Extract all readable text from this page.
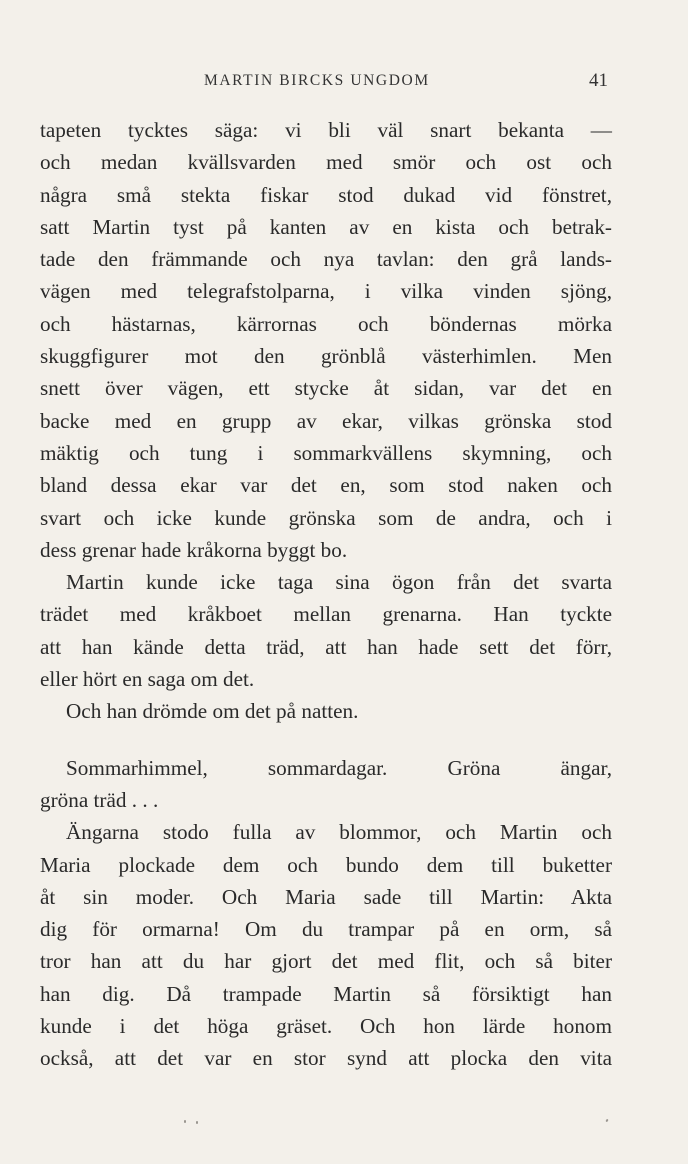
MARTIN BIRCKS UNGDOM	41
tapeten tycktes säga: vi bli väl snart bekanta —
och medan kvällsvarden med smör och ost och
några små stekta fiskar stod dukad vid fönstret,
satt Martin tyst på kanten av en kista och betrak-
tade den främmande och nya tavlan: den grå lands-
vägen med telegrafstolparna, i vilka vinden sjöng,
och hästarnas, kärrornas och böndernas mörka
skuggfigurer mot den grönblå västerhimlen. Men
snett över vägen, ett stycke åt sidan, var det en
backe med en grupp av ekar, vilkas grönska stod
mäktig och tung i sommarkvällens skymning, och
bland dessa ekar var det en, som stod naken och
svart och icke kunde grönska som de andra, och i
dess grenar hade kråkorna byggt bo.
Martin kunde icke taga sina ögon från det svarta
trädet med kråkboet mellan grenarna. Han tyckte
att han kände detta träd, att han hade sett det förr,
eller hört en saga om det.
Och han drömde om det på natten.
Sommarhimmel, sommardagar. Gröna ängar,
gröna träd . . .
Ängarna stodo fulla av blommor, och Martin och
Maria plockade dem och bundo dem till buketter
åt sin moder. Och Maria sade till Martin: Akta
dig för ormarna! Om du trampar på en orm, så
tror han att du har gjort det med flit, och så biter
han dig. Då trampade Martin så försiktigt han
kunde i det höga gräset. Och hon lärde honom
också, att det var en stor synd att plocka den vita
